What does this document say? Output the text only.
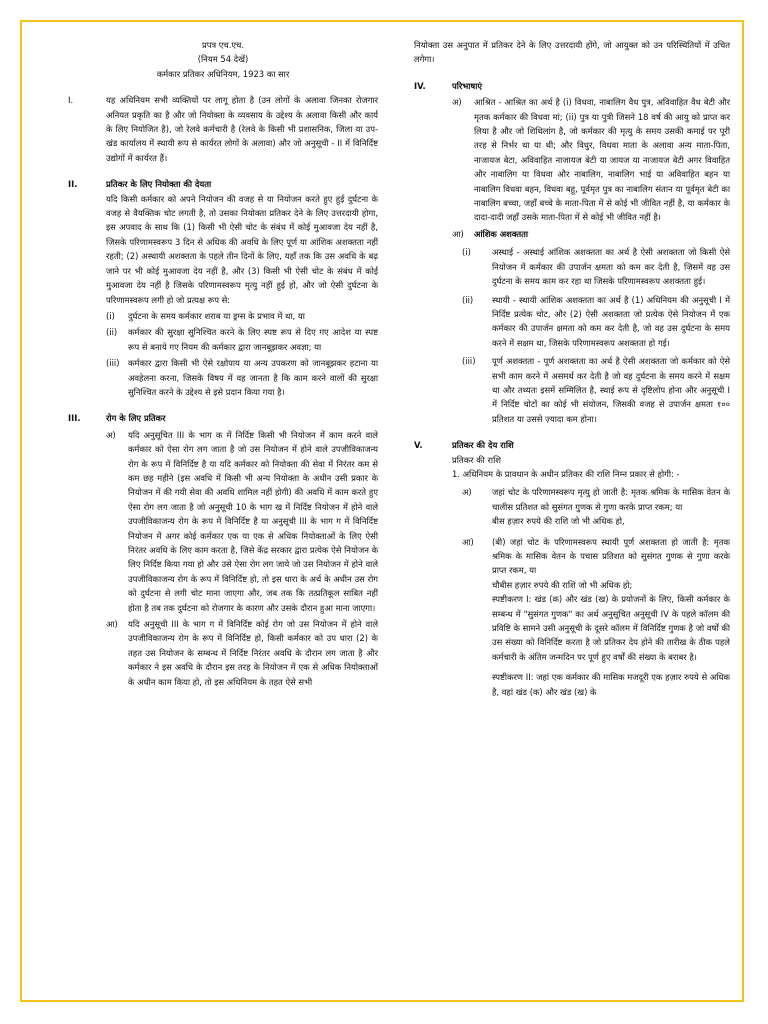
प्रपत्र एच.एच.

(नियम 54 देखें)

कर्मकार प्रतिकर अधिनियम, 1923 का सार

I.	यह अधिनियम सभी व्यक्तियों पर लागू होता है (उन लोगों के अलावा जिनका रोजगार अनियत प्रकृति का है और जो नियोक्ता के व्यवसाय के उद्देश्य के अलावा किसी और कार्य के लिए नियोजित है), जो रेलवे कर्मचारी है (रेलवे के किसी भी प्रशासनिक, जिला या उप-खंड कार्यालय में स्थायी रूप से कार्यरत लोगों के अलावा) और जो अनुसूची - II में विनिर्दिष्ट उद्योगों में कार्यरत हैं।

II.	प्रतिकर के लिए नियोक्ता की देयता

यदि किसी कर्मकार को अपने नियोजन की वजह से या नियोजन करते हुए हुई दुर्घटना के वजह से वैयक्तिक चोट लगती है, तो उसका नियोक्ता प्रतिकर देने के लिए उत्तरदायी होगा, इस अपवाद के साथ कि (1) किसी भी ऐसी चोट के संबंध में कोई मुआवजा देय नहीं है, जिसके परिणामस्वरूप 3 दिन से अधिक की अवधि के लिए पूर्ण या आंशिक अशक्तता नहीं रहती; (2) अस्थायी अशक्तता के पहले तीन दिनों के लिए, यहाँ तक कि उस अवधि के बढ़ जाने पर भी कोई मुआवजा देय नहीं है, और (3) किसी भी ऐसी चोट के संबंध में कोई मुआवजा देय नहीं है जिसके परिणामस्वरूप मृत्यु नहीं हुई हो, और जो ऐसी दुर्घटना के परिणामस्वरूप लगी हो जो प्रत्यक्ष रूप से:

(i)	दुर्घटना के समय कर्मकार शराब या ड्रग्स के प्रभाव में था, या
(ii)	कर्मकार की सुरक्षा सुनिश्चित करने के लिए स्पष्ट रूप से दिए गए आदेश या स्पष्ट रूप से बनाये गए नियम की कर्मकार द्वारा जानबूझकर अवज्ञा; या
(iii)	कर्मकार द्वारा किसी भी ऐसे रक्षोपाय या अन्य उपकरण को जानबूझकर हटाना या अवहेलना करना, जिसके विषय में वह जानता है कि काम करने वालों की सुरक्षा सुनिश्चित करने के उद्देश्य से इसे प्रदान किया गया है।
III.	रोग के लिए प्रतिकर

अ)	यदि अनुसूचित III के भाग क में निर्दिष्ट किसी भी नियोजन में काम करने वाले कर्मकार को ऐसा रोग लग जाता है जो उस नियोजन में होने वाले उपजीविकाजन्य रोग के रूप में विनिर्दिष्ट है या यदि कर्मकार को नियोक्ता की सेवा में निरंतर कम से कम छह महीने (इस अवधि में किसी भी अन्य नियोक्ता के अधीन उसी प्रकार के नियोजन में की गयी सेवा की अवधि शामिल नहीं होगी) की अवधि में काम करते हुए ऐसा रोग लग जाता है जो अनुसूची 10 के भाग ख में निर्दिष्ट नियोजन में होने वाले उपजीविकाजन्य रोग के रूप में विनिर्दिष्ट है या अनुसूची III के भाग ग में विनिर्दिष्ट नियोजन में अगर कोई कर्मकार एक या एक से अधिक नियोक्ताओं के लिए ऐसी निरंतर अवधि के लिए काम करता है, जिसे केंद्र सरकार द्वारा प्रत्येक ऐसे नियोजन के लिए निर्दिष्ट किया गया हो और उसे ऐसा रोग लग जाये जो उस नियोजन में होने वाले उपजीविकाजन्य रोग के रूप में विनिर्दिष्ट हो, तो इस धारा के अर्थ के अधीन उस रोग को दुर्घटना से लगी चोट माना जाएगा और, जब तक कि तत्प्रतिकूल साबित नहीं होता है तब तक दुर्घटना को रोजगार के कारण और उसके दौरान हुआ माना जाएगा।
आ)	यदि अनुसूची III के भाग ग में विनिर्दिष्ट कोई रोग जो उस नियोजन में होने वाले उपजीविकाजन्य रोग के रूप में विनिर्दिष्ट हो, किसी कर्मकार को उप धारा (2) के तहत उस नियोजन के सम्बन्ध में निर्दिष्ट निरंतर अवधि के दौरान लग जाता है और कर्मकार ने इस अवधि के दौरान इस तरह के नियोजन में एक से अधिक नियोक्ताओं के अधीन काम किया हो, तो इस अधिनियम के तहत ऐसे सभी

नियोक्ता उस अनुपात में प्रतिकर देने के लिए उत्तरदायी होंगे, जो आयुक्त को उन परिस्थितियों में उचित लगेगा।

IV.	परिभाषाएं

अ)	आश्रित - आश्रित का अर्थ है (i) विधवा, नाबालिग वैध पुत्र, अविवाहित वैध बेटी और मृतक कर्मकार की विधवा मां; (ii) पुत्र या पुत्री जिसने 18 वर्ष की आयु को प्राप्त कर लिया है और जो शिथिलांग है, जो कर्मकार की मृत्यु के समय उसकी कमाई पर पूरी तरह से निर्भर था या थी; और विधुर, विधवा माता के अलावा अन्य माता-पिता, नाजायज बेटा, अविवाहित नाजायज बेटी या जायज या नाजायज बेटी अगर विवाहित और नाबालिग या विधवा और नाबालिग, नाबालिग भाई या अविवाहित बहन या नाबालिग विधवा बहन, विधवा बहू, पूर्वमृत पुत्र का नाबालिग संतान या पूर्वमृत बेटी का नाबालिग बच्चा, जहाँ बच्चे के माता-पिता में से कोई भी जीवित नहीं है, या कर्मकार के दादा-दादी जहाँ उसके माता-पिता में से कोई भी जीवित नहीं है।
आ)	आंशिक अशक्तता
(i)	अस्थाई - अस्थाई आंशिक अशक्तता का अर्थ है ऐसी अशक्तता जो किसी ऐसे नियोजन में कर्मकार की उपार्जन क्षमता को कम कर देती है, जिसमें वह उस दुर्घटना के समय काम कर रहा था जिसके परिणामस्वरूप अशक्तता हुई।
(ii)	स्थायी - स्थायी आंशिक अशक्तता का अर्थ है (1) अधिनियम की अनुसूची I में निर्दिष्ट प्रत्येक चोट, और (2) ऐसी अशक्तता जो प्रत्येक ऐसे नियोजन में एक कर्मकार की उपार्जन क्षमता को कम कर देती है, जो वह उस दुर्घटना के समय करने में सक्षम था, जिसके परिणामस्वरूप अशक्तता हो गई।
(iii)	पूर्ण अशक्तता - पूर्ण अशक्तता का अर्थ है ऐसी अशक्तता जो कर्मकार को ऐसे सभी काम करने में असमर्थ कर देती है जो वह दुर्घटना के समय करने में सक्षम था और तथ्यतः इसमें सम्मिलित है, स्थाई रूप से दृष्टिलोप होना और अनुसूची I में निर्दिष्ट चोटों का कोई भी संयोजन, जिसकी वजह से उपार्जन क्षमता १०० प्रतिशत या उससे ज़्यादा कम होना।
V.	प्रतिकर की देय राशि

प्रतिकर की राशि

1. अधिनियम के प्रावधान के अधीन प्रतिकर की राशि निम्न प्रकार से होगी: -

अ)	जहां चोट के परिणामस्वरूप मृत्यु हो जाती है: मृतक श्रमिक के मासिक वेतन के चालीस प्रतिशत को सुसंगत गुणक से गुणा करके प्राप्त रकम; या

बीस हज़ार रुपये की राशि जो भी अधिक हो,

आ)	(बी) जहां चोट के परिणामस्वरूप स्थायी पूर्ण अशक्तता हो जाती है: मृतक श्रमिक के मासिक वेतन के पचास प्रतिशत को सुसंगत गुणक से गुणा करके प्राप्त रकम, या

चौबीस हज़ार रुपये की राशि जो भी अधिक हो;

स्पष्टीकरण I: खंड (क) और खंड (ख) के प्रयोजनों के लिए, किसी कर्मकार के सम्बन्ध में "सुसंगत गुणक" का अर्थ अनुसूचित अनुसूची IV के पहले कॉलम की प्रविष्टि के सामने उसी अनुसूची के दूसरे कॉलम में विनिर्दिष्ट गुणक है जो वर्षों की उस संख्या को विनिर्दिष्ट करता है जो प्रतिकर देय होने की तारीख के ठीक पहले कर्मचारी के अंतिम जन्मदिन पर पूर्ण हुए वर्षों की संख्या के बराबर है।

स्पष्टीकरण II: जहां एक कर्मकार की मासिक मजदूरी एक हज़ार रुपये से अधिक है, वहां खंड (क) और खंड (ख) के
